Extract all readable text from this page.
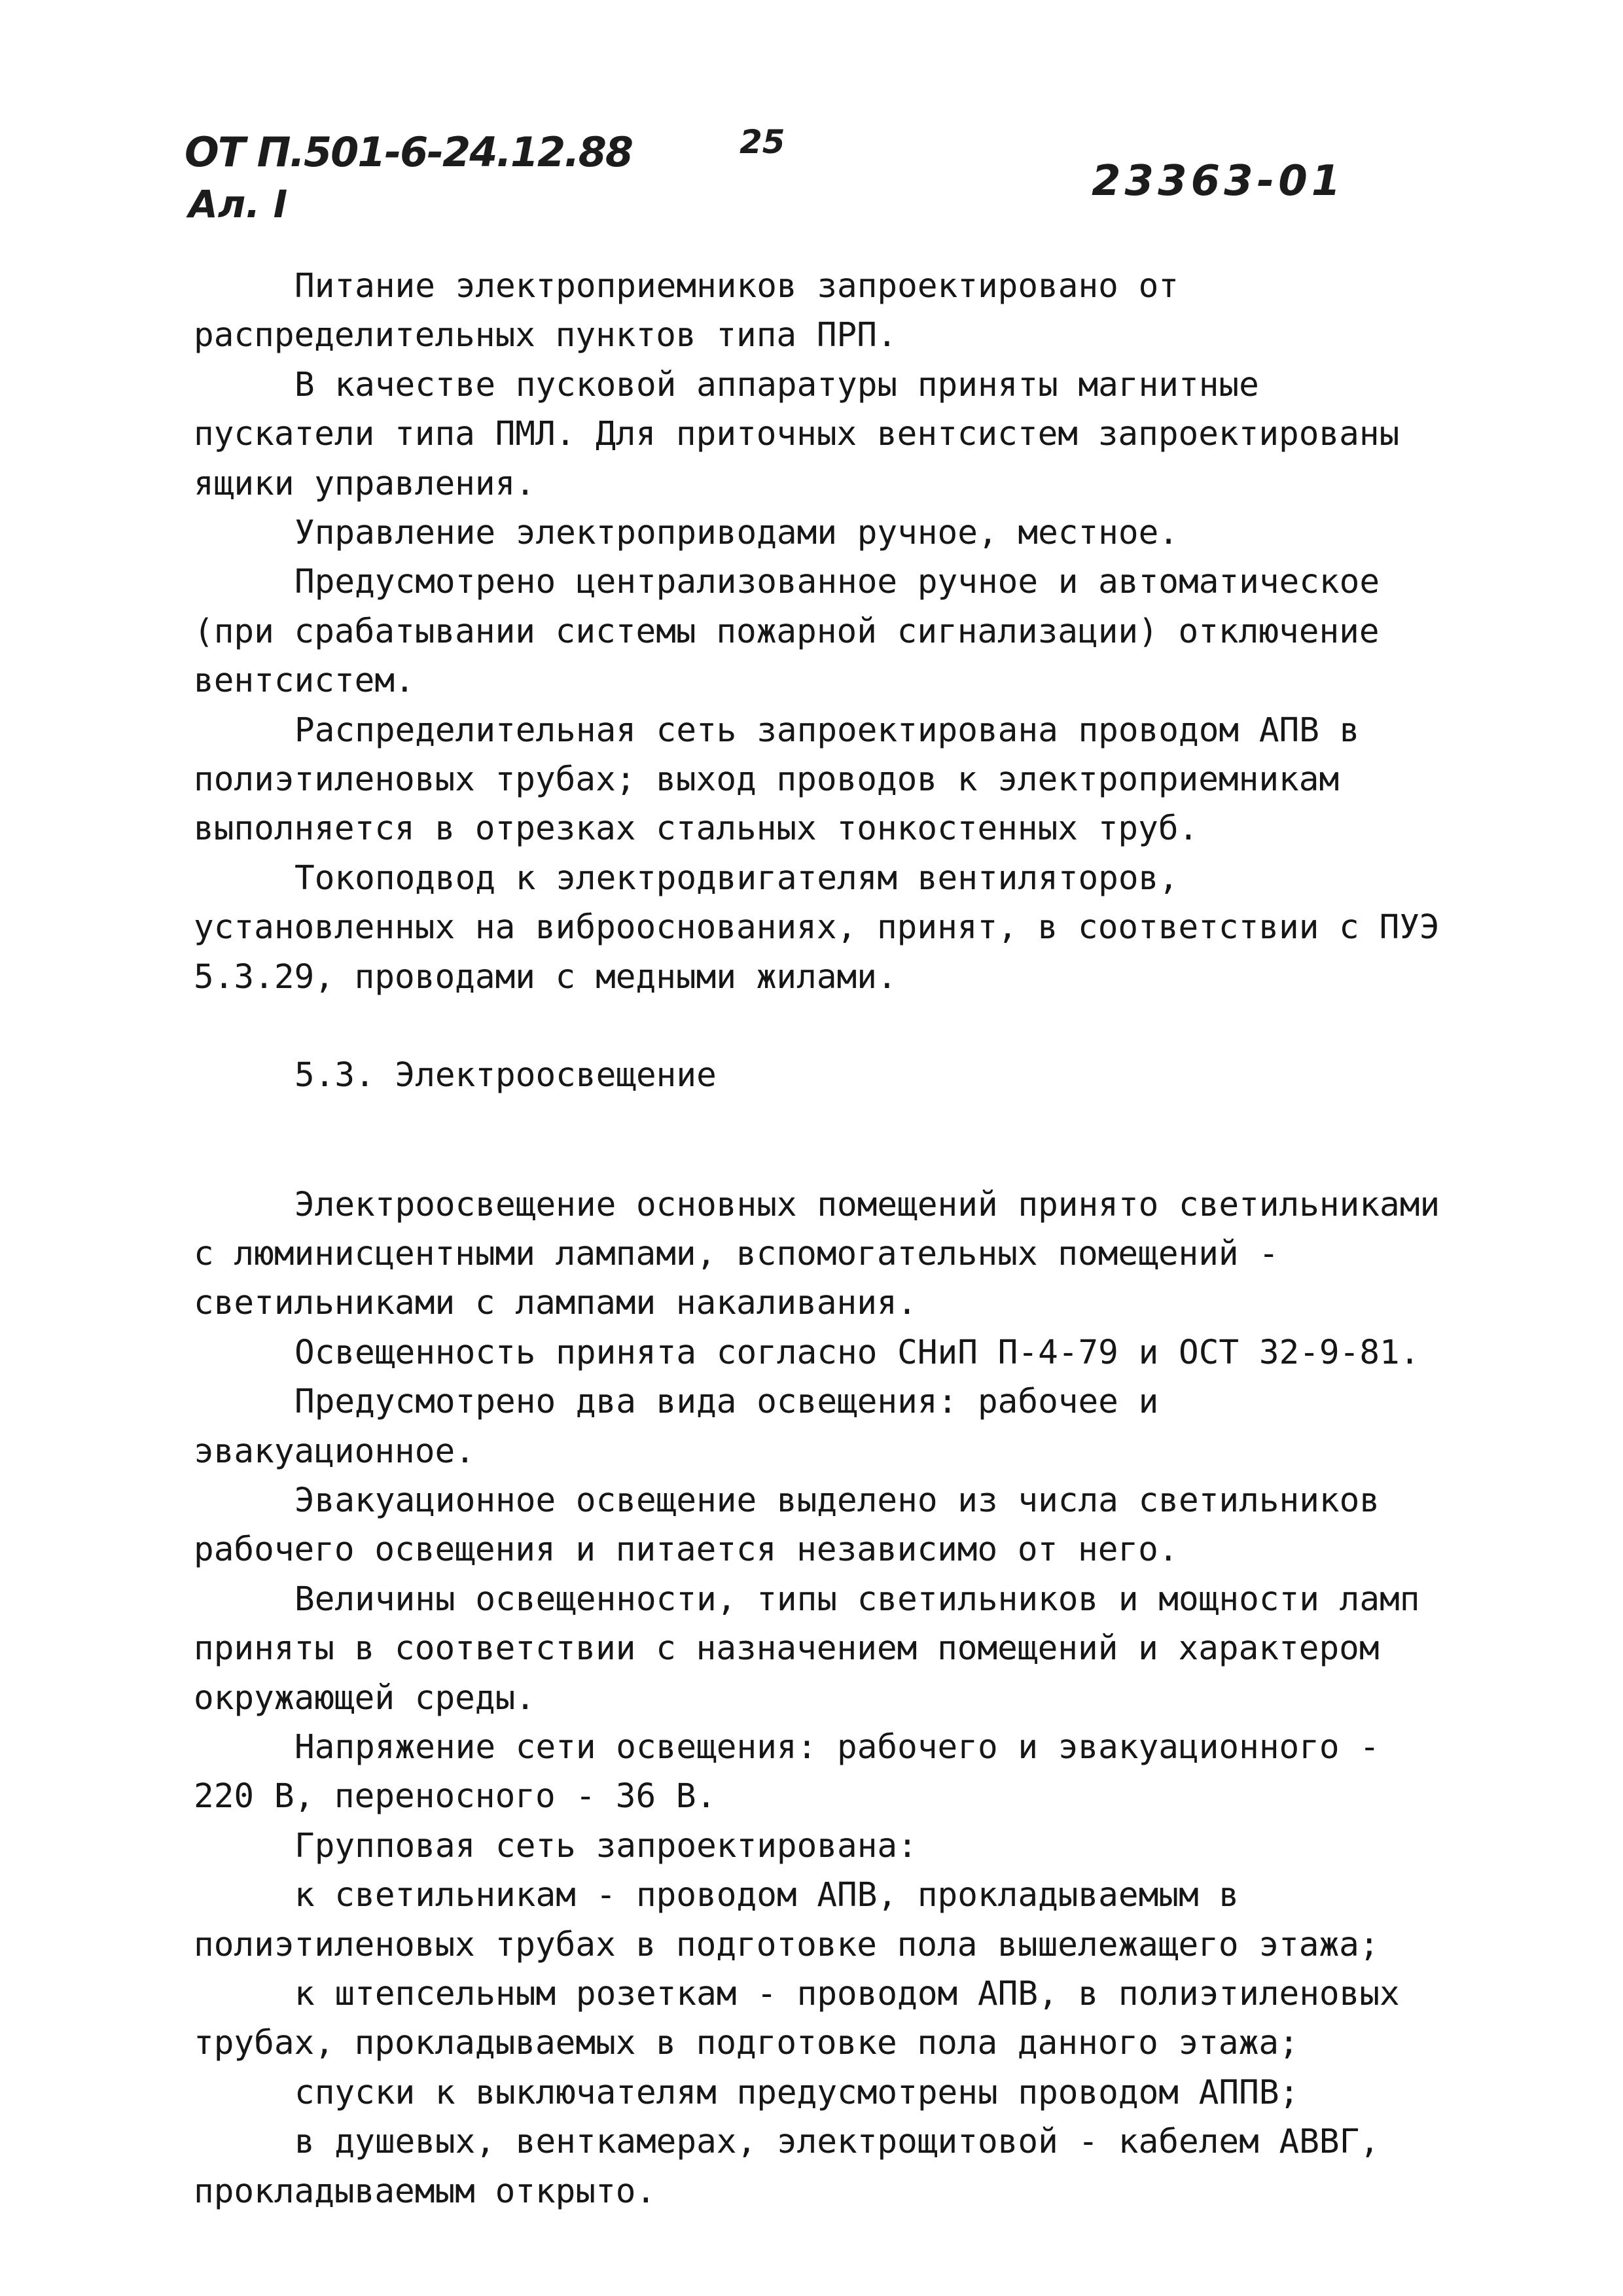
ОТ П.501-6-24.12.88
Ал. I
25
23363-01

Питание электроприемников запроектировано от распределительных пунктов типа ПРП.

В качестве пусковой аппаратуры приняты магнитные пускатели типа ПМЛ. Для приточных вентсистем запроектированы ящики управления.

Управление электроприводами ручное, местное.

Предусмотрено централизованное ручное и автоматическое (при срабатывании системы пожарной сигнализации) отключение вентсистем.

Распределительная сеть запроектирована проводом АПВ в полиэтиленовых трубах; выход проводов к электроприемникам выполняется в отрезках стальных тонкостенных труб.

Токоподвод к электродвигателям вентиляторов, установленных на виброоснованиях, принят, в соответствии с ПУЭ 5.3.29, проводами с медными жилами.

5.3. Электроосвещение

Электроосвещение основных помещений принято светильниками с люминисцентными лампами, вспомогательных помещений - светильниками с лампами накаливания.

Освещенность принята согласно СНиП П-4-79 и ОСТ 32-9-81.

Предусмотрено два вида освещения: рабочее и эвакуационное.

Эвакуационное освещение выделено из числа светильников рабочего освещения и питается независимо от него.

Величины освещенности, типы светильников и мощности ламп приняты в соответствии с назначением помещений и характером окружающей среды.

Напряжение сети освещения: рабочего и эвакуационного - 220 В, переносного - 36 В.

Групповая сеть запроектирована:

к светильникам - проводом АПВ, прокладываемым в полиэтиленовых трубах в подготовке пола вышележащего этажа;

к штепсельным розеткам - проводом АПВ, в полиэтиленовых трубах, прокладываемых в подготовке пола данного этажа;

спуски к выключателям предусмотрены проводом АППВ;

в душевых, венткамерах, электрощитовой - кабелем АВВГ, прокладываемым открыто.
